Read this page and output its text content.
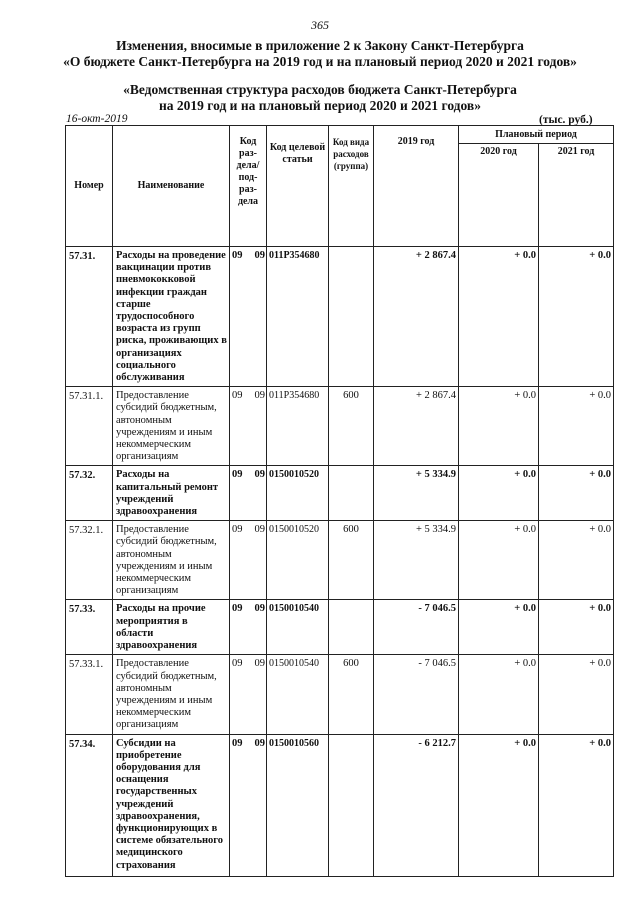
365
Изменения, вносимые в приложение 2 к Закону Санкт-Петербурга
«О бюджете Санкт-Петербурга на 2019 год и на плановый период 2020 и 2021 годов»
«Ведомственная структура расходов бюджета Санкт-Петербурга
на 2019 год и на плановый период 2020 и 2021 годов»
16-окт-2019	(тыс. руб.)
Номер	Наименование	Код раз-дела/ под-раз-дела	Код целевой статьи	Код вида расходов (группа)	2019 год	Плановый период	
						2020 год	2021 год
57.31.	Расходы на проведение вакцинации против пневмококковой инфекции граждан старше трудоспособного возраста из групп риска, проживающих в организациях социального обслуживания	09 09	011P354680		+ 2 867.4	+ 0.0	+ 0.0
57.31.1.	Предоставление субсидий бюджетным, автономным учреждениям и иным некоммерческим организациям	09 09	011P354680	600	+ 2 867.4	+ 0.0	+ 0.0
57.32.	Расходы на капитальный ремонт учреждений здравоохранения	09 09	0150010520		+ 5 334.9	+ 0.0	+ 0.0
57.32.1.	Предоставление субсидий бюджетным, автономным учреждениям и иным некоммерческим организациям	09 09	0150010520	600	+ 5 334.9	+ 0.0	+ 0.0
57.33.	Расходы на прочие мероприятия в области здравоохранения	09 09	0150010540		- 7 046.5	+ 0.0	+ 0.0
57.33.1.	Предоставление субсидий бюджетным, автономным учреждениям и иным некоммерческим организациям	09 09	0150010540	600	- 7 046.5	+ 0.0	+ 0.0
57.34.	Субсидии на приобретение оборудования для оснащения государственных учреждений здравоохранения, функционирующих в системе обязательного медицинского страхования	09 09	0150010560		- 6 212.7	+ 0.0	+ 0.0
